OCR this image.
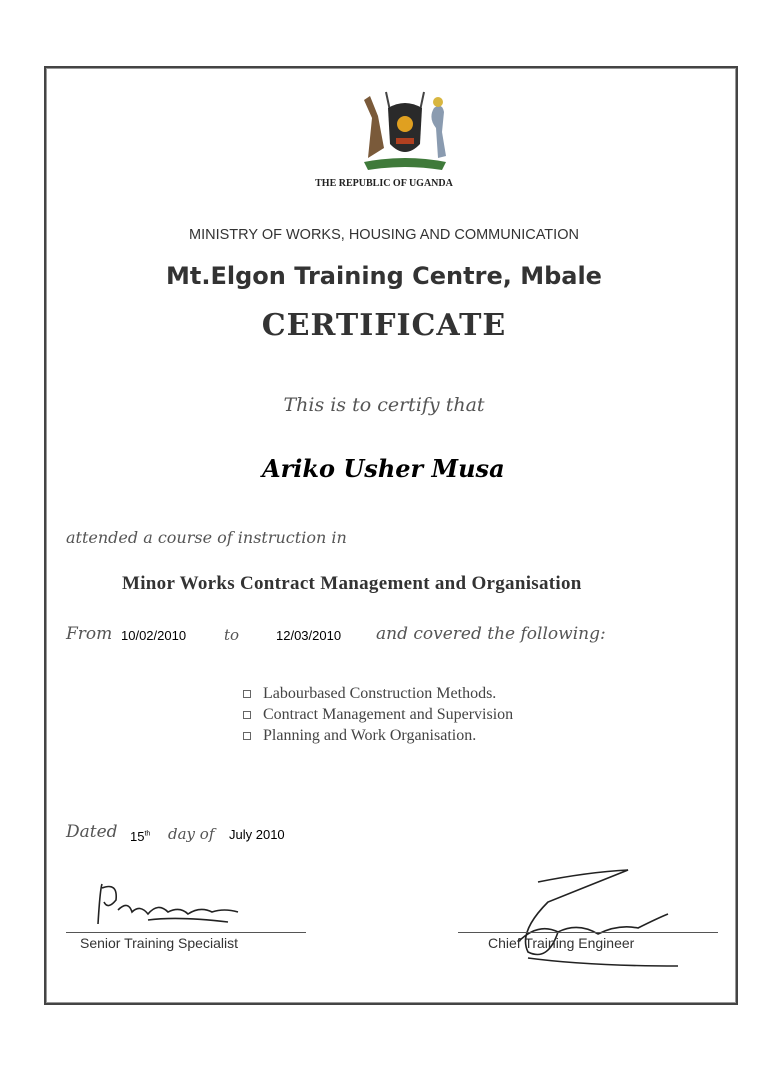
THE REPUBLIC OF UGANDA
MINISTRY OF WORKS, HOUSING AND COMMUNICATION
Mt.Elgon Training Centre, Mbale
CERTIFICATE
This is to certify that
Ariko Usher Musa
attended a course of instruction in
Minor Works Contract Management and Organisation
From 10/02/2010	to	12/03/2010 and covered the following:
Labourbased Construction Methods.
Contract Management and Supervision
Planning and Work Organisation.
Dated 15th day of July 2010
Senior Training Specialist	Chief Training Engineer
